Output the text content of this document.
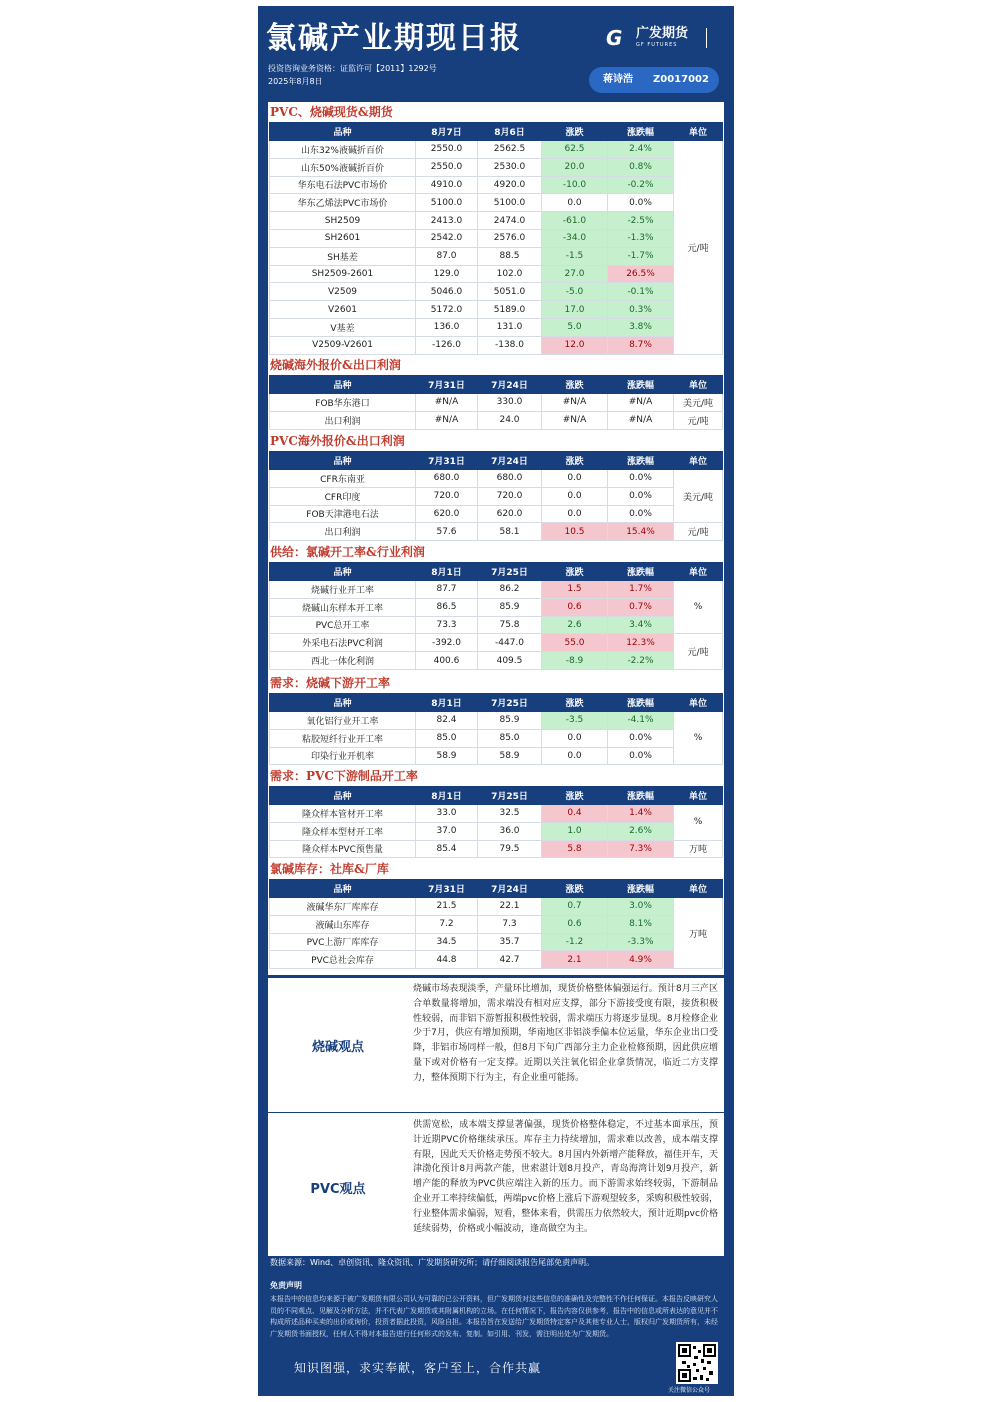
氯碱产业期现日报
投资咨询业务资格：证监许可【2011】1292号
2025年8月8日
G 广发期货
GF FUTURES
蒋诗浩 Z0017002
PVC、烧碱现货&期货
品种	8月7日	8月6日	涨跌	涨跌幅	单位
山东32%液碱折百价	2550.0	2562.5	62.5	2.4%	元/吨
山东50%液碱折百价	2550.0	2530.0	20.0	0.8%	
华东电石法PVC市场价	4910.0	4920.0	-10.0	-0.2%	
华东乙烯法PVC市场价	5100.0	5100.0	0.0	0.0%	
SH2509	2413.0	2474.0	-61.0	-2.5%	
SH2601	2542.0	2576.0	-34.0	-1.3%	
SH基差	87.0	88.5	-1.5	-1.7%	
SH2509-2601	129.0	102.0	27.0	26.5%	
V2509	5046.0	5051.0	-5.0	-0.1%	
V2601	5172.0	5189.0	17.0	0.3%	
V基差	136.0	131.0	5.0	3.8%	
V2509-V2601	-126.0	-138.0	12.0	8.7%	
烧碱海外报价&出口利润
品种	7月31日	7月24日	涨跌	涨跌幅	单位
FOB华东港口	#N/A	330.0	#N/A	#N/A	美元/吨
出口利润	#N/A	24.0	#N/A	#N/A	元/吨
PVC海外报价&出口利润
品种	7月31日	7月24日	涨跌	涨跌幅	单位
CFR东南亚	680.0	680.0	0.0	0.0%	美元/吨
CFR印度	720.0	720.0	0.0	0.0%	
FOB天津港电石法	620.0	620.0	0.0	0.0%	
出口利润	57.6	58.1	10.5	15.4%	元/吨
供给：氯碱开工率&行业利润
品种	8月1日	7月25日	涨跌	涨跌幅	单位
烧碱行业开工率	87.7	86.2	1.5	1.7%	%
烧碱山东样本开工率	86.5	85.9	0.6	0.7%	
PVC总开工率	73.3	75.8	2.6	3.4%	
外采电石法PVC利润	-392.0	-447.0	55.0	12.3%	元/吨
西北一体化利润	400.6	409.5	-8.9	-2.2%	
需求：烧碱下游开工率
品种	8月1日	7月25日	涨跌	涨跌幅	单位
氧化铝行业开工率	82.4	85.9	-3.5	-4.1%	%
粘胶短纤行业开工率	85.0	85.0	0.0	0.0%	
印染行业开机率	58.9	58.9	0.0	0.0%	
需求：PVC下游制品开工率
品种	8月1日	7月25日	涨跌	涨跌幅	单位
隆众样本管材开工率	33.0	32.5	0.4	1.4%	%
隆众样本型材开工率	37.0	36.0	1.0	2.6%	
隆众样本PVC预售量	85.4	79.5	5.8	7.3%	万吨
氯碱库存：社库&厂库
品种	7月31日	7月24日	涨跌	涨跌幅	单位
液碱华东厂库库存	21.5	22.1	0.7	3.0%	万吨
液碱山东库存	7.2	7.3	0.6	8.1%	
PVC上游厂库库存	34.5	35.7	-1.2	-3.3%	
PVC总社会库存	44.8	42.7	2.1	4.9%	
烧碱观点
烧碱市场表现淡季，产量环比增加，现货价格整体偏强运行。预计8月三产区合单数量将增加，需求端没有相对应支撑，部分下游接受度有限，接货积极性较弱，而非铝下游暂报积极性较弱，需求端压力将逐步显现。8月检修企业少于7月，供应有增加预期，华南地区非铝淡季偏本位运量，华东企业出口受降，非铝市场同样一般，但8月下旬广西部分主力企业检修预期，因此供应增量下或对价格有一定支撑。近期以关注氧化铝企业拿货情况，临近二方支撑力，整体预期下行为主，有企业重可能扬。
PVC观点
供需宽松，成本端支撑显著偏强，现货价格整体稳定，不过基本面承压，预计近期PVC价格继续承压。库存主力持续增加，需求难以改善，成本端支撑有限，因此天天价格走势预不较大。8月国内外新增产能释放，福佳开车，天津渤化预计8月两款产能，世索湛计划8月投产，青岛海湾计划9月投产，新增产能的释放为PVC供应端注入新的压力。而下游需求始终较弱，下游制品企业开工率持续偏低，两端pvc价格上涨后下游观望较多，采购积极性较弱，行业整体需求偏弱，短看，整体来看，供需压力依然较大，预计近期pvc价格延续弱势，价格或小幅波动，逢高做空为主。
数据来源：Wind、卓创资讯、隆众资讯、广发期货研究所；请仔细阅读报告尾部免责声明。
免责声明
本报告中的信息均来源于被广发期货有限公司认为可靠的已公开资料，但广发期货对这些信息的准确性及完整性不作任何保证。本报告反映研究人员的不同观点、见解及分析方法，并不代表广发期货或其附属机构的立场。在任何情况下，报告内容仅供参考，报告中的信息或所表达的意见并不构成所述品种买卖的出价或询价，投资者据此投资，风险自担。本报告旨在发送给广发期货特定客户及其他专业人士，版权归广发期货所有，未经广发期货书面授权，任何人不得对本报告进行任何形式的发布、复制。如引用、刊发，需注明出处为广发期货。
知识图强，求实奉献，客户至上，合作共赢
关注微信公众号
